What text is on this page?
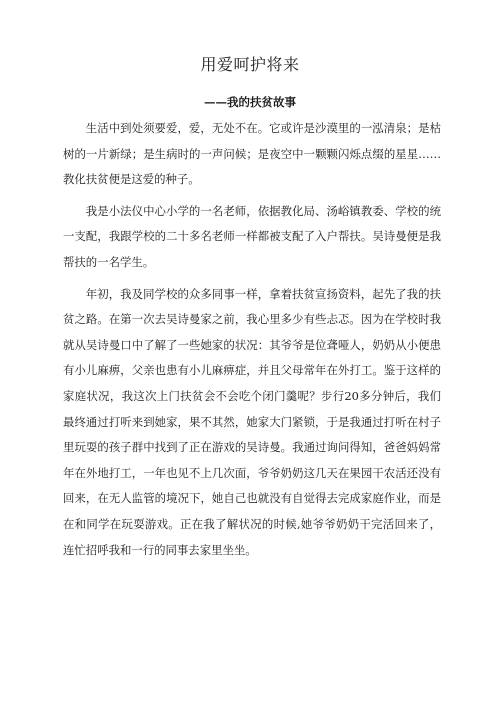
用爱呵护将来
——我的扶贫故事

生活中到处须要爱，爱，无处不在。它或许是沙漠里的一泓清泉；是枯树的一片新绿；是生病时的一声问候；是夜空中一颗颗闪烁点缀的星星……教化扶贫便是这爱的种子。

我是小法仪中心小学的一名老师，依据教化局、汤峪镇教委、学校的统一支配，我跟学校的二十多名老师一样都被支配了入户帮扶。吴诗曼便是我帮扶的一名学生。

年初，我及同学校的众多同事一样，拿着扶贫宣扬资料，起先了我的扶贫之路。在第一次去吴诗曼家之前，我心里多少有些忐忑。因为在学校时我就从吴诗曼口中了解了一些她家的状况：其爷爷是位聋哑人，奶奶从小便患有小儿麻痹，父亲也患有小儿麻痹症，并且父母常年在外打工。鉴于这样的家庭状况，我这次上门扶贫会不会吃个闭门羹呢？步行20多分钟后，我们最终通过打听来到她家，果不其然，她家大门紧锁，于是我通过打听在村子里玩耍的孩子群中找到了正在游戏的吴诗曼。我通过询问得知，爸爸妈妈常年在外地打工，一年也见不上几次面，爷爷奶奶这几天在果园干农活还没有回来，在无人监管的境况下，她自己也就没有自觉得去完成家庭作业，而是在和同学在玩耍游戏。正在我了解状况的时候,她爷爷奶奶干完活回来了，连忙招呼我和一行的同事去家里坐坐。
